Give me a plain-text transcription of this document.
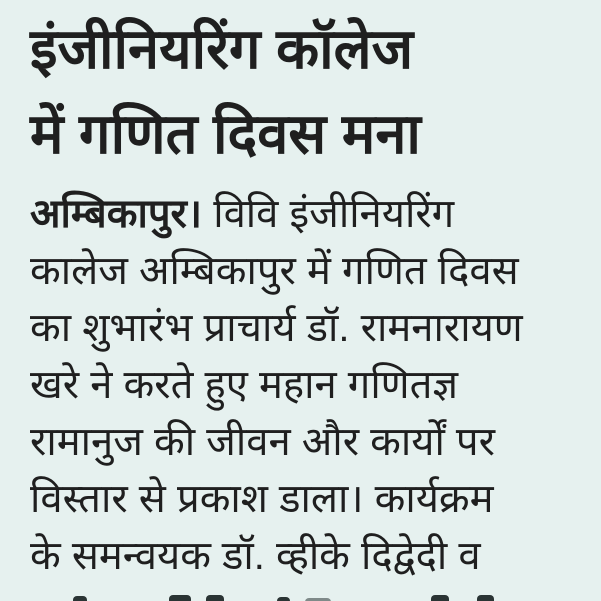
इंजीनियरिंग कॉलेज
में गणित दिवस मना
अम्बिकापुर। विवि इंजीनियरिंग
कालेज अम्बिकापुर में गणित दिवस
का शुभारंभ प्राचार्य डॉ. रामनारायण
खरे ने करते हुए महान गणितज्ञ
रामानुज की जीवन और कार्यों पर
विस्तार से प्रकाश डाला। कार्यक्रम
के समन्वयक डॉ. व्हीके दिद्वेदी व
